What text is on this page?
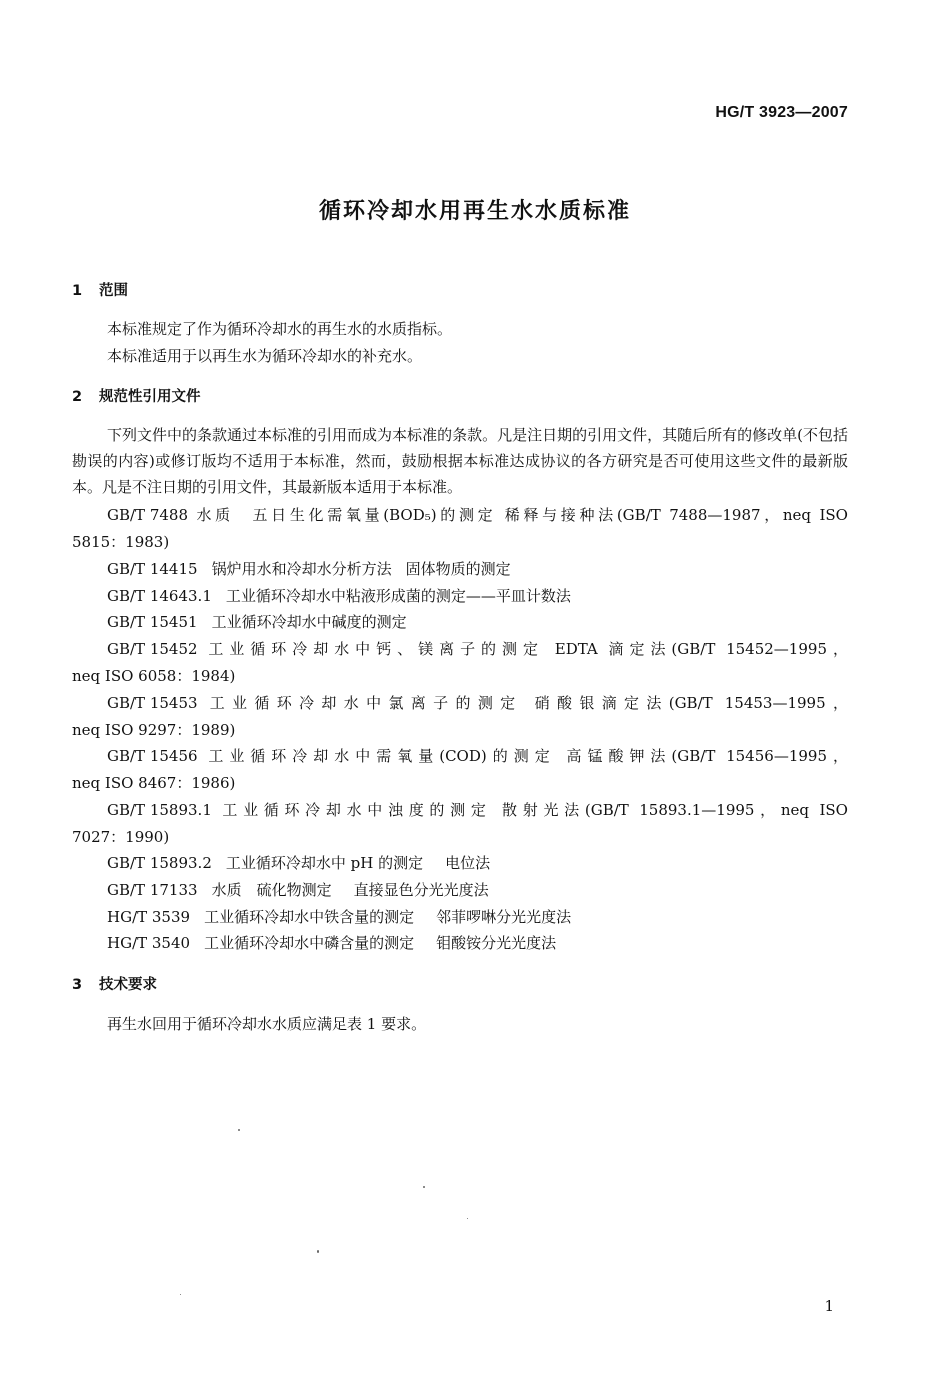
HG/T 3923—2007
循环冷却水用再生水水质标准
1 范围
本标准规定了作为循环冷却水的再生水的水质指标。
本标准适用于以再生水为循环冷却水的补充水。
2 规范性引用文件

下列文件中的条款通过本标准的引用而成为本标准的条款。凡是注日期的引用文件，其随后所有的修改单(不包括勘误的内容)或修订版均不适用于本标准，然而，鼓励根据本标准达成协议的各方研究是否可使用这些文件的最新版本。凡是不注日期的引用文件，其最新版本适用于本标准。

GB/T 7488 水质　五日生化需氧量(BOD₅)的测定 稀释与接种法(GB/T 7488—1987，neq ISO
5815：1983)
GB/T 14415 锅炉用水和冷却水分析方法 固体物质的测定
GB/T 14643.1 工业循环冷却水中粘液形成菌的测定——平皿计数法
GB/T 15451 工业循环冷却水中碱度的测定
GB/T 15452 工业循环冷却水中钙、镁离子的测定 EDTA 滴定法(GB/T 15452—1995，
neq ISO 6058：1984)
GB/T 15453 工业循环冷却水中氯离子的测定 硝酸银滴定法(GB/T 15453—1995，
neq ISO 9297：1989)
GB/T 15456 工业循环冷却水中需氧量(COD)的测定 高锰酸钾法(GB/T 15456—1995，
neq ISO 8467：1986)
GB/T 15893.1 工业循环冷却水中浊度的测定 散射光法(GB/T 15893.1—1995，neq ISO
7027：1990)
GB/T 15893.2 工业循环冷却水中 pH 的测定 电位法
GB/T 17133 水质　硫化物测定 直接显色分光光度法
HG/T 3539 工业循环冷却水中铁含量的测定 邻菲啰啉分光光度法
HG/T 3540 工业循环冷却水中磷含量的测定 钼酸铵分光光度法
3 技术要求
再生水回用于循环冷却水水质应满足表 1 要求。
1
